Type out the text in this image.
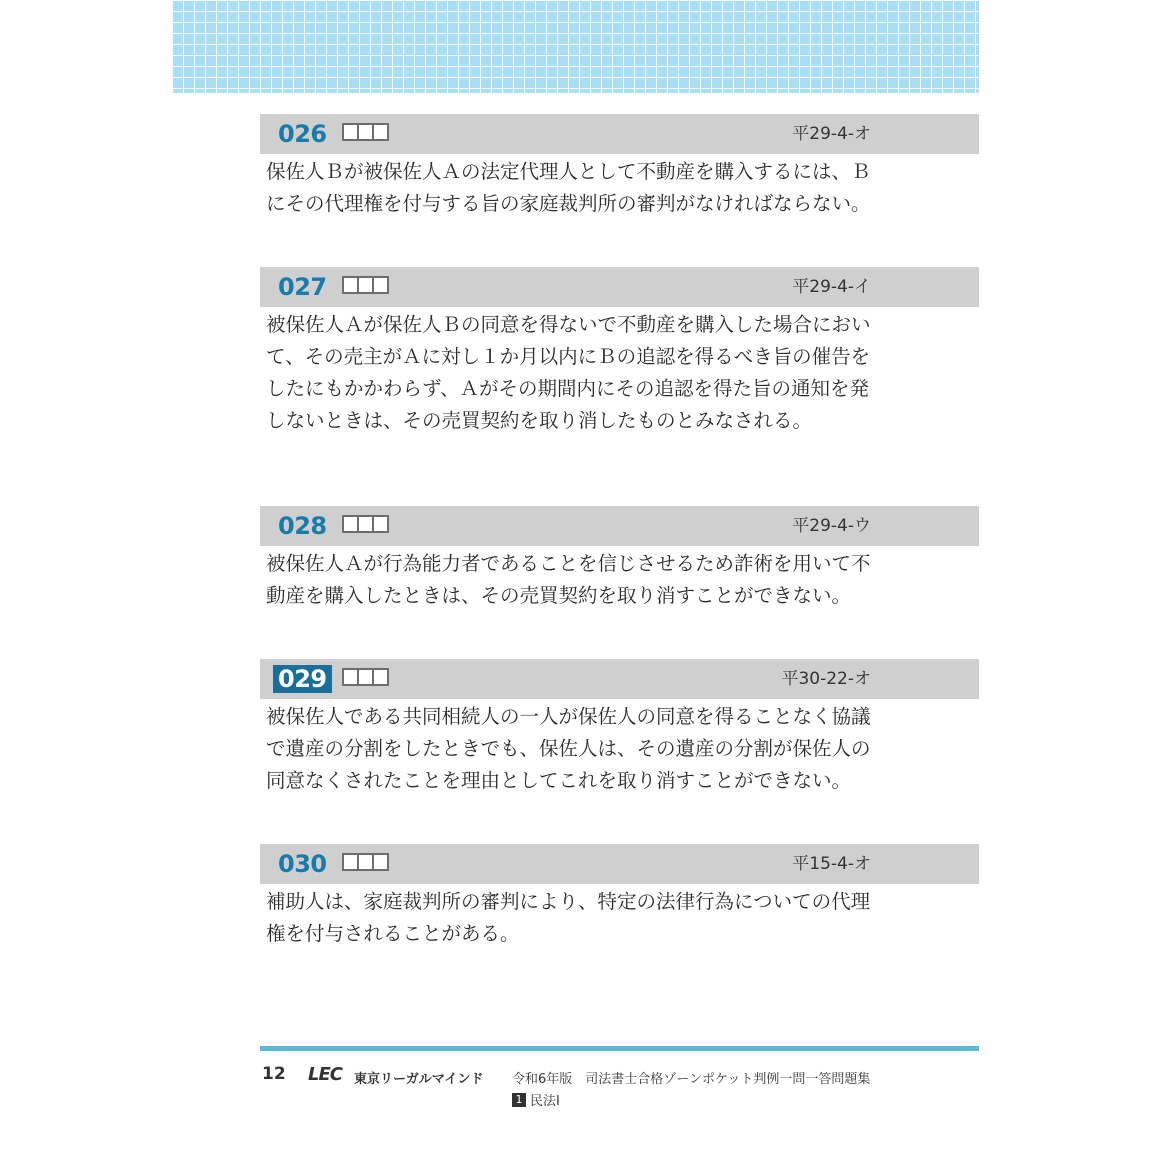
026	平29-4-オ

保佐人Ｂが被保佐人Ａの法定代理人として不動産を購入するには、Ｂにその代理権を付与する旨の家庭裁判所の審判がなければならない。

027	平29-4-イ

被保佐人Ａが保佐人Ｂの同意を得ないで不動産を購入した場合において、その売主がＡに対し１か月以内にＢの追認を得るべき旨の催告をしたにもかかわらず、Ａがその期間内にその追認を得た旨の通知を発しないときは、その売買契約を取り消したものとみなされる。

028	平29-4-ウ

被保佐人Ａが行為能力者であることを信じさせるため詐術を用いて不動産を購入したときは、その売買契約を取り消すことができない。

029	平30-22-オ

被保佐人である共同相続人の一人が保佐人の同意を得ることなく協議で遺産の分割をしたときでも、保佐人は、その遺産の分割が保佐人の同意なくされたことを理由としてこれを取り消すことができない。

030	平15-4-オ

補助人は、家庭裁判所の審判により、特定の法律行為についての代理権を付与されることがある。

12 LEC 東京リーガルマインド 令和6年版　司法書士合格ゾーンポケット判例一問一答問題集
1 民法Ⅰ
